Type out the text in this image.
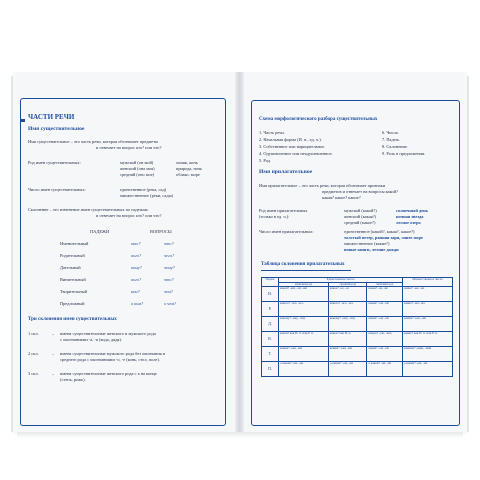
ЧАСТИ РЕЧИ
Имя существительное
Имя существительное – это часть речи, которая обозначает предметы
и отвечает на вопрос кто? или что?
Род имен существительных:	мужской (он мой)	хомяк, конь
женский (она моя)	природа, ночь
средний (оно мое)	облако, море
Число имен существительных:	единственное (река, сад)
множественное (реки, сады)
Склонение – это изменение имен существительных по падежам.
и отвечает на вопрос кто? или что?
ПАДЕЖИ	ВОПРОСЫ
Именительный	кто?	что?
Родительный	кого?	чего?
Дательный	кому?	чему?
Винительный	кого?	что?
Творительный	кем?	чем?
Предложный	о ком?	о чем?
Три склонения имен существительных
1 скл.	– имена существительные женского и мужского рода
с окончаниями -а, -я (вода, дядя).
2 скл.	– имена существительные мужского рода без окончания и
среднего рода с окончаниями -о, -е (конь, стол, поле).
3 скл.	– имена существительные женского рода с ь на конце
(степь, рожь).
Схема морфологического разбора существительных
1. Часть речи.
2. Начальная форма (И. п., ед. ч.).
3. Собственное или нарицательное.
4. Одушевленное или неодушевленное.
5. Род.
6. Число.
7. Падеж.
8. Склонение.
9. Роль в предложении.
Имя прилагательное
Имя прилагательное – это часть речи, которая обозначает признаки
предметов и отвечает на вопросы какой?
какая? какое? какие?
Род имен прилагательных
(только в ед. ч.):
мужской (какой?)	солнечный день
женский (какая?)	ночная звезда
средний (какое?)	лесное озеро
Число имен прилагательных:	единственное (какой?, какая?, какое?)
толстый ветер, ранняя заря, синее море
множественное (какие?)
новые книги, летние дожди
Таблица склонения прилагательных
Падеж	Единственное число			Множественное число
	мужской род	средний род	женский род	
И.	какой? -ый, -ой, -ий	какое? -ое, -ее	какая? -ая, -яя	какие? -ые, -ие
Р.	какого? -ого, -его	какого? -ого, -его	какой? -ой, -ей	каких? -ых, -их
Д.	какому? -ому, -ему	какому? -ому, -ему	какой? -ой, -ей	каким? -ым, -им
В.	какой? как И. п. или Р. п.	какое? как И. п.	какую? -ую, -юю	какие? как И. п. или Р. п.
Т.	каким? -ым, -им	каким? -ым, -им	какой? -ой, -ей	какими? -ыми, -ими
П.	о каком? -ом, -ем	о каком? -ом, -ем	о какой? -ой, -ей	о каких? -ых, -их
